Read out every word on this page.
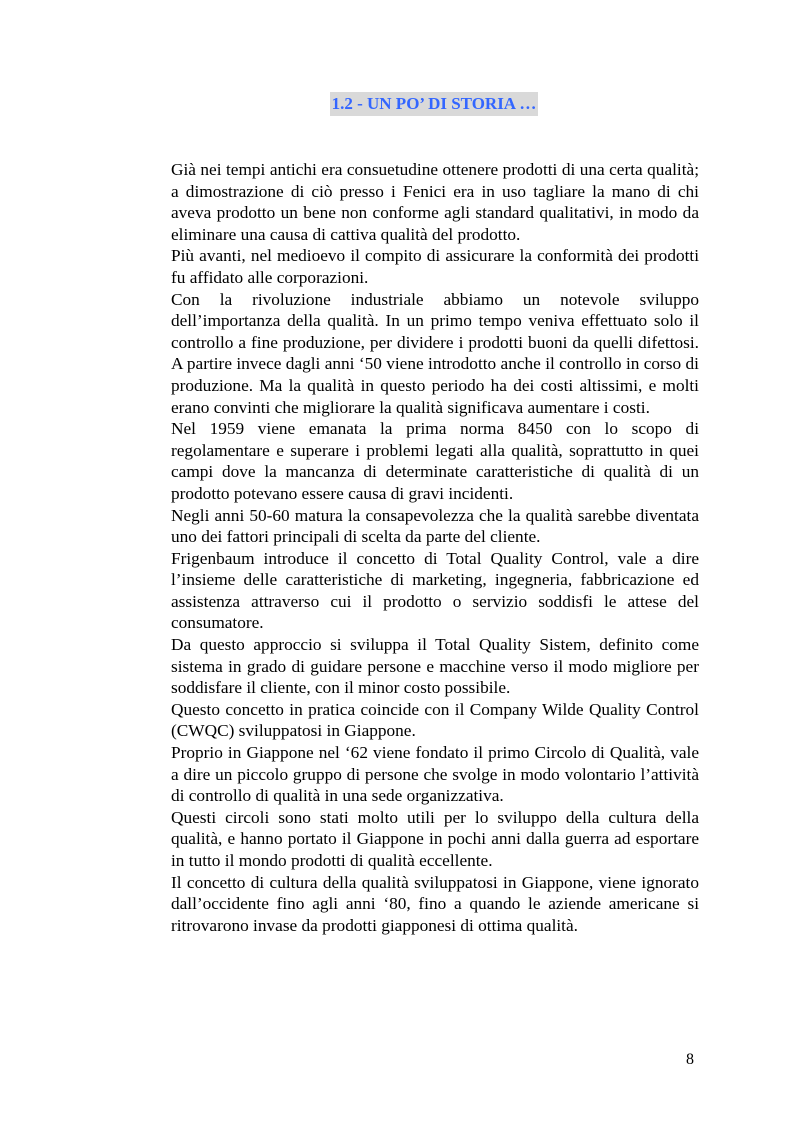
1.2 - UN PO’ DI STORIA …

Già nei tempi antichi era consuetudine ottenere prodotti di una certa qualità; a dimostrazione di ciò presso i Fenici era in uso tagliare la mano di chi aveva prodotto un bene non conforme agli standard qualitativi, in modo da eliminare una causa di cattiva qualità del prodotto.

Più avanti, nel medioevo il compito di assicurare la conformità dei prodotti fu affidato alle corporazioni.

Con la rivoluzione industriale abbiamo un notevole sviluppo dell’importanza della qualità. In un primo tempo veniva effettuato solo il controllo a fine produzione, per dividere i prodotti buoni da quelli difettosi. A partire invece dagli anni ‘50 viene introdotto anche il controllo in corso di produzione. Ma la qualità in questo periodo ha dei costi altissimi, e molti erano convinti che migliorare la qualità significava aumentare i costi.

Nel 1959 viene emanata la prima norma 8450 con lo scopo di regolamentare e superare i problemi legati alla qualità, soprattutto in quei campi dove la mancanza di determinate caratteristiche di qualità di un prodotto potevano essere causa di gravi incidenti.

Negli anni 50-60 matura la consapevolezza che la qualità sarebbe diventata uno dei fattori principali di scelta da parte del cliente.

Frigenbaum introduce il concetto di Total Quality Control, vale a dire l’insieme delle caratteristiche di marketing, ingegneria, fabbricazione ed assistenza attraverso cui il prodotto o servizio soddisfi le attese del consumatore.

Da questo approccio si sviluppa il Total Quality Sistem, definito come sistema in grado di guidare persone e macchine verso il modo migliore per soddisfare il cliente, con il minor costo possibile.

Questo concetto in pratica coincide con il Company Wilde Quality Control (CWQC) sviluppatosi in Giappone.

Proprio in Giappone nel ‘62 viene fondato il primo Circolo di Qualità, vale a dire un piccolo gruppo di persone che svolge in modo volontario l’attività di controllo di qualità in una sede organizzativa.

Questi circoli sono stati molto utili per lo sviluppo della cultura della qualità, e hanno portato il Giappone in pochi anni dalla guerra ad esportare in tutto il mondo prodotti di qualità eccellente.

Il concetto di cultura della qualità sviluppatosi in Giappone, viene ignorato dall’occidente fino agli anni ‘80, fino a quando le aziende americane si ritrovarono invase da prodotti giapponesi di ottima qualità.

8
